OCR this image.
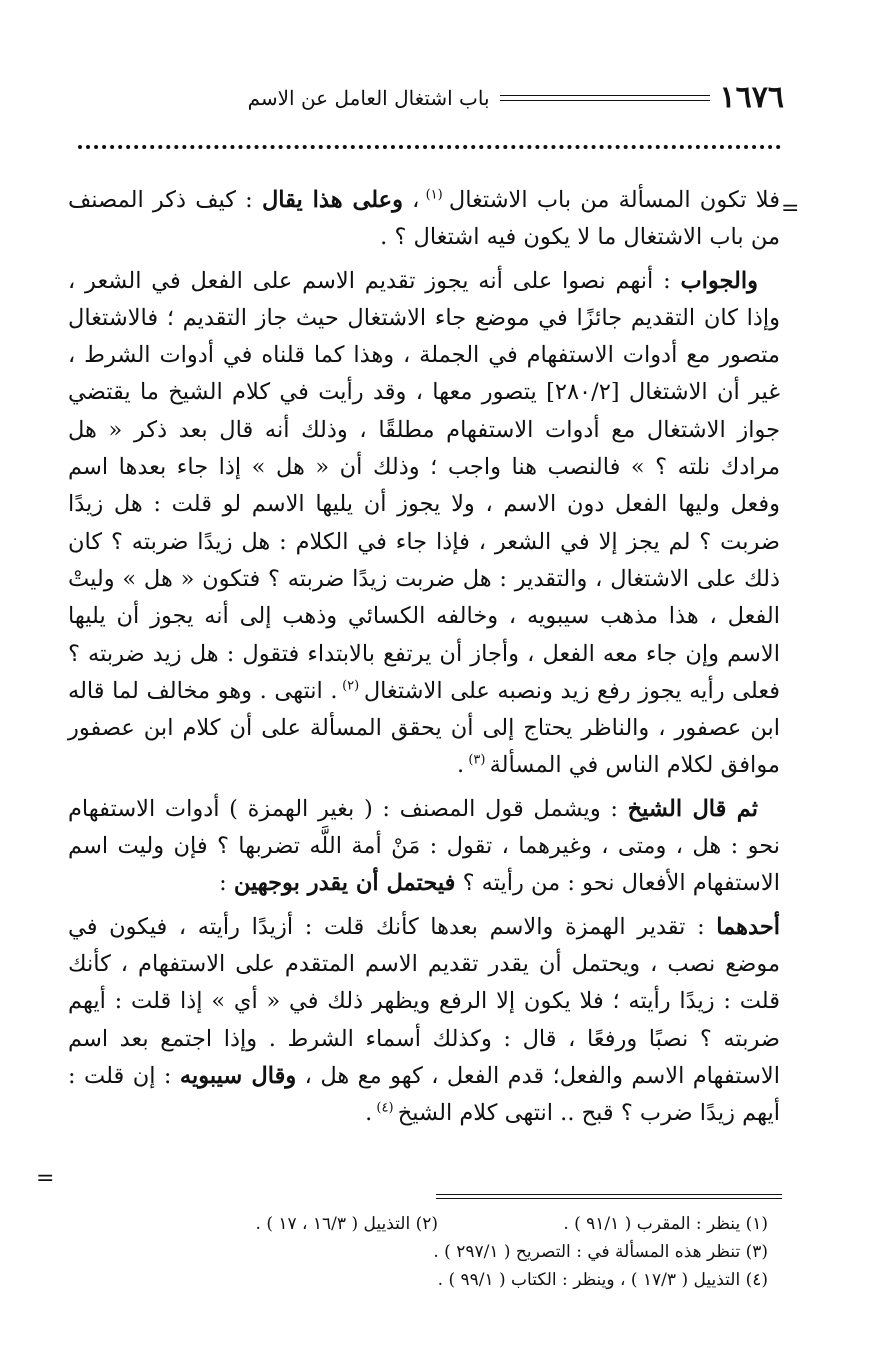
١٦٧٦
باب اشتغال العامل عن الاسم
=

فلا تكون المسألة من باب الاشتغال $^{(١)}$ ، وعلى هذا يقال : كيف ذكر المصنف من باب الاشتغال ما لا يكون فيه اشتغال ؟ .

والجواب : أنهم نصوا على أنه يجوز تقديم الاسم على الفعل في الشعر ، وإذا كان التقديم جائزًا في موضع جاء الاشتغال حيث جاز التقديم ؛ فالاشتغال متصور مع أدوات الاستفهام في الجملة ، وهذا كما قلناه في أدوات الشرط ، غير أن الاشتغال [٢٨٠/٢] يتصور معها ، وقد رأيت في كلام الشيخ ما يقتضي جواز الاشتغال مع أدوات الاستفهام مطلقًا ، وذلك أنه قال بعد ذكر « هل مرادك نلته ؟ » فالنصب هنا واجب ؛ وذلك أن « هل » إذا جاء بعدها اسم وفعل وليها الفعل دون الاسم ، ولا يجوز أن يليها الاسم لو قلت : هل زيدًا ضربت ؟ لم يجز إلا في الشعر ، فإذا جاء في الكلام : هل زيدًا ضربته ؟ كان ذلك على الاشتغال ، والتقدير : هل ضربت زيدًا ضربته ؟ فتكون « هل » وليتْ الفعل ، هذا مذهب سيبويه ، وخالفه الكسائي وذهب إلى أنه يجوز أن يليها الاسم وإن جاء معه الفعل ، وأجاز أن يرتفع بالابتداء فتقول : هل زيد ضربته ؟ فعلى رأيه يجوز رفع زيد ونصبه على الاشتغال $^{(٢)}$ . انتهى . وهو مخالف لما قاله ابن عصفور ، والناظر يحتاج إلى أن يحقق المسألة على أن كلام ابن عصفور موافق لكلام الناس في المسألة $^{(٣)}$ .

ثم قال الشيخ : ويشمل قول المصنف : ( بغير الهمزة ) أدوات الاستفهام نحو : هل ، ومتى ، وغيرهما ، تقول : مَنْ أمة اللَّه تضربها ؟ فإن وليت اسم الاستفهام الأفعال نحو : من رأيته ؟ فيحتمل أن يقدر بوجهين :

أحدهما : تقدير الهمزة والاسم بعدها كأنك قلت : أزيدًا رأيته ، فيكون في موضع نصب ، ويحتمل أن يقدر تقديم الاسم المتقدم على الاستفهام ، كأنك قلت : زيدًا رأيته ؛ فلا يكون إلا الرفع ويظهر ذلك في « أي » إذا قلت : أيهم ضربته ؟ نصبًا ورفعًا ، قال : وكذلك أسماء الشرط . وإذا اجتمع بعد اسم الاستفهام الاسم والفعل؛ قدم الفعل ، كهو مع هل ، وقال سيبويه : إن قلت : أيهم زيدًا ضرب ؟ قبح .. انتهى كلام الشيخ $^{(٤)}$ .

=
(١) ينظر : المقرب ( ٩١/١ ) .
(٢) التذييل ( ١٦/٣ ، ١٧ ) .
(٣) تنظر هذه المسألة في : التصريح ( ٢٩٧/١ ) .
(٤) التذييل ( ١٧/٣ ) ، وينظر : الكتاب ( ٩٩/١ ) .
